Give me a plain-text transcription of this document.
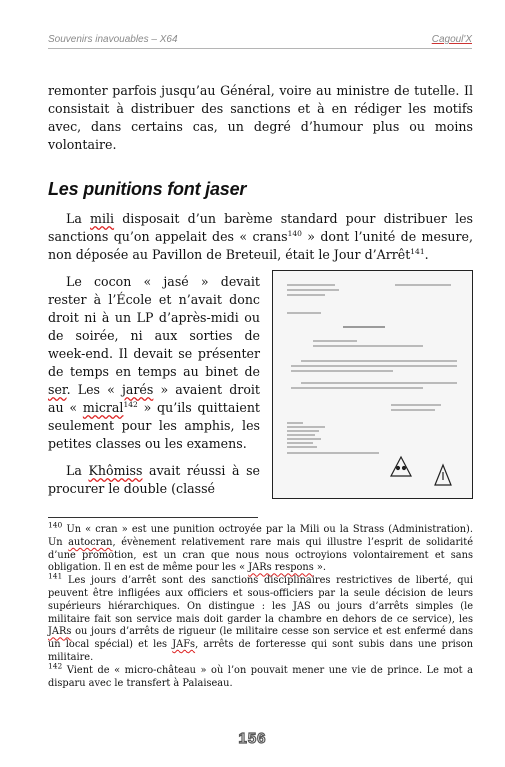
Souvenirs inavouables – X64	Cagoul'X
remonter parfois jusqu’au Général, voire au ministre de tutelle. Il consistait à distribuer des sanctions et à en rédiger les motifs avec, dans certains cas, un degré d’humour plus ou moins volontaire.
Les punitions font jaser
La mili disposait d’un barème standard pour distribuer les sanctions qu’on appelait des « crans$^{140}$ » dont l’unité de mesure, non déposée au Pavillon de Breteuil, était le Jour d’Arrêt$^{141}$.
Le cocon « jasé » devait rester à l’École et n’avait donc droit ni à un LP d’après-midi ou de soirée, ni aux sorties de week-end. Il devait se présenter de temps en temps au binet de ser. Les « jarés » avaient droit au « micral$^{142}$ » qu’ils quittaient seulement pour les amphis, les petites classes ou les examens.
La Khômiss avait réussi à se procurer le double (classé

$^{140}$ Un « cran » est une punition octroyée par la Mili ou la Strass (Administration). Un autocran, évènement relativement rare mais qui illustre l’esprit de solidarité d’une promotion, est un cran que nous nous octroyions volontairement et sans obligation. Il en est de même pour les « JARs respons ».

$^{141}$ Les jours d’arrêt sont des sanctions disciplinaires restrictives de liberté, qui peuvent être infligées aux officiers et sous-officiers par la seule décision de leurs supérieurs hiérarchiques. On distingue : les JAS ou jours d’arrêts simples (le militaire fait son service mais doit garder la chambre en dehors de ce service), les JARs ou jours d’arrêts de rigueur (le militaire cesse son service et est enfermé dans un local spécial) et les JAFs, arrêts de forteresse qui sont subis dans une prison militaire.

$^{142}$ Vient de « micro-château » où l’on pouvait mener une vie de prince. Le mot a disparu avec le transfert à Palaiseau.

156
